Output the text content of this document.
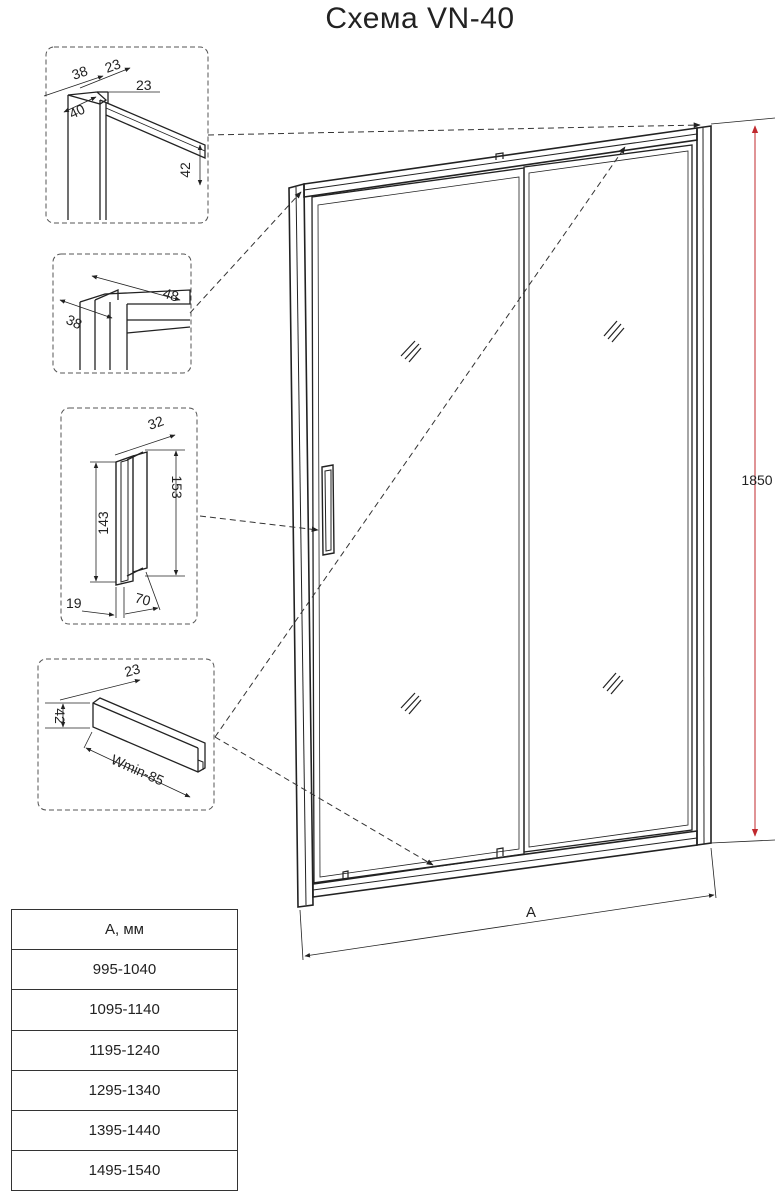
Схема VN-40
1850
A
38 23
23
40
42
48
38
32
143
153
19	70
23
42
Wmin-85
A, мм
995-1040
1095-1140
1195-1240
1295-1340
1395-1440
1495-1540
